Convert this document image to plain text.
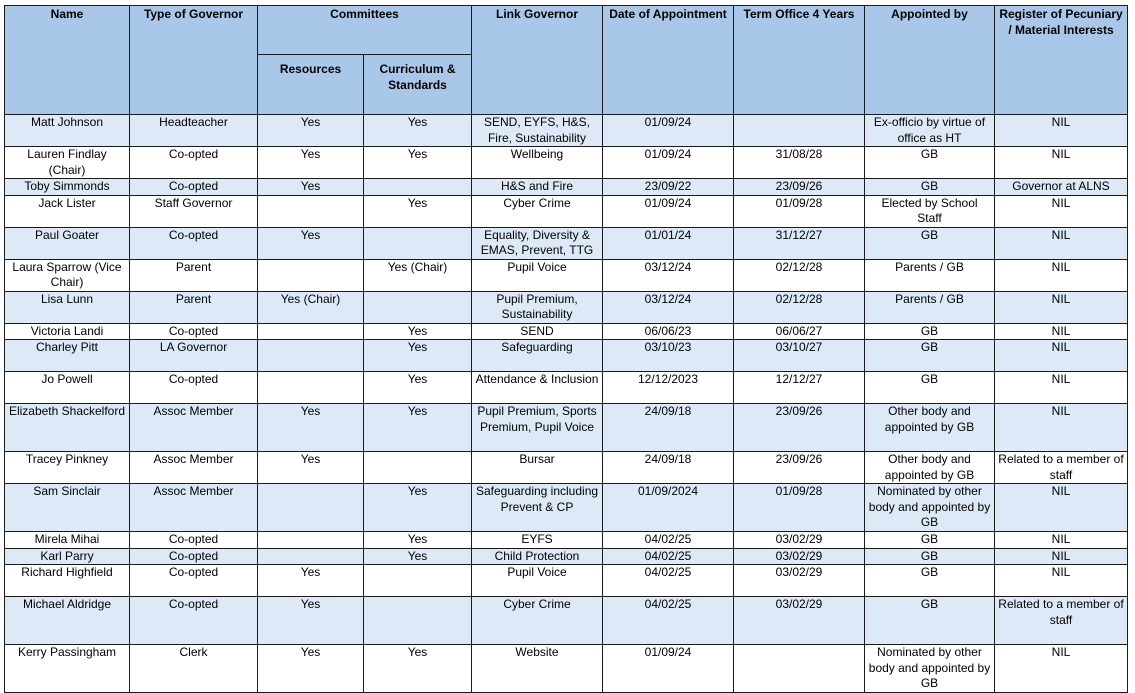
Name	Type of Governor	Committees		Link Governor	Date of Appointment	Term Office 4 Years	Appointed by	Register of Pecuniary / Material Interests
		Resources	Curriculum & Standards					
Matt Johnson	Headteacher	Yes	Yes	SEND, EYFS, H&S, Fire, Sustainability	01/09/24		Ex-officio by virtue of office as HT	NIL
Lauren Findlay (Chair)	Co-opted	Yes	Yes	Wellbeing	01/09/24	31/08/28	GB	NIL
Toby Simmonds	Co-opted	Yes		H&S and Fire	23/09/22	23/09/26	GB	Governor at ALNS
Jack Lister	Staff Governor		Yes	Cyber Crime	01/09/24	01/09/28	Elected by School Staff	NIL
Paul Goater	Co-opted	Yes		Equality, Diversity & EMAS, Prevent, TTG	01/01/24	31/12/27	GB	NIL
Laura Sparrow (Vice Chair)	Parent		Yes (Chair)	Pupil Voice	03/12/24	02/12/28	Parents / GB	NIL
Lisa Lunn	Parent	Yes (Chair)		Pupil Premium, Sustainability	03/12/24	02/12/28	Parents / GB	NIL
Victoria Landi	Co-opted		Yes	SEND	06/06/23	06/06/27	GB	NIL
Charley Pitt	LA Governor		Yes	Safeguarding	03/10/23	03/10/27	GB	NIL
Jo Powell	Co-opted		Yes	Attendance & Inclusion	12/12/2023	12/12/27	GB	NIL
Elizabeth Shackelford	Assoc Member	Yes	Yes	Pupil Premium, Sports Premium, Pupil Voice	24/09/18	23/09/26	Other body and appointed by GB	NIL
Tracey Pinkney	Assoc Member	Yes		Bursar	24/09/18	23/09/26	Other body and appointed by GB	Related to a member of staff
Sam Sinclair	Assoc Member		Yes	Safeguarding including Prevent & CP	01/09/2024	01/09/28	Nominated by other body and appointed by GB	NIL
Mirela Mihai	Co-opted		Yes	EYFS	04/02/25	03/02/29	GB	NIL
Karl Parry	Co-opted		Yes	Child Protection	04/02/25	03/02/29	GB	NIL
Richard Highfield	Co-opted	Yes		Pupil Voice	04/02/25	03/02/29	GB	NIL
Michael Aldridge	Co-opted	Yes		Cyber Crime	04/02/25	03/02/29	GB	Related to a member of staff
Kerry Passingham	Clerk	Yes	Yes	Website	01/09/24		Nominated by other body and appointed by GB	NIL
